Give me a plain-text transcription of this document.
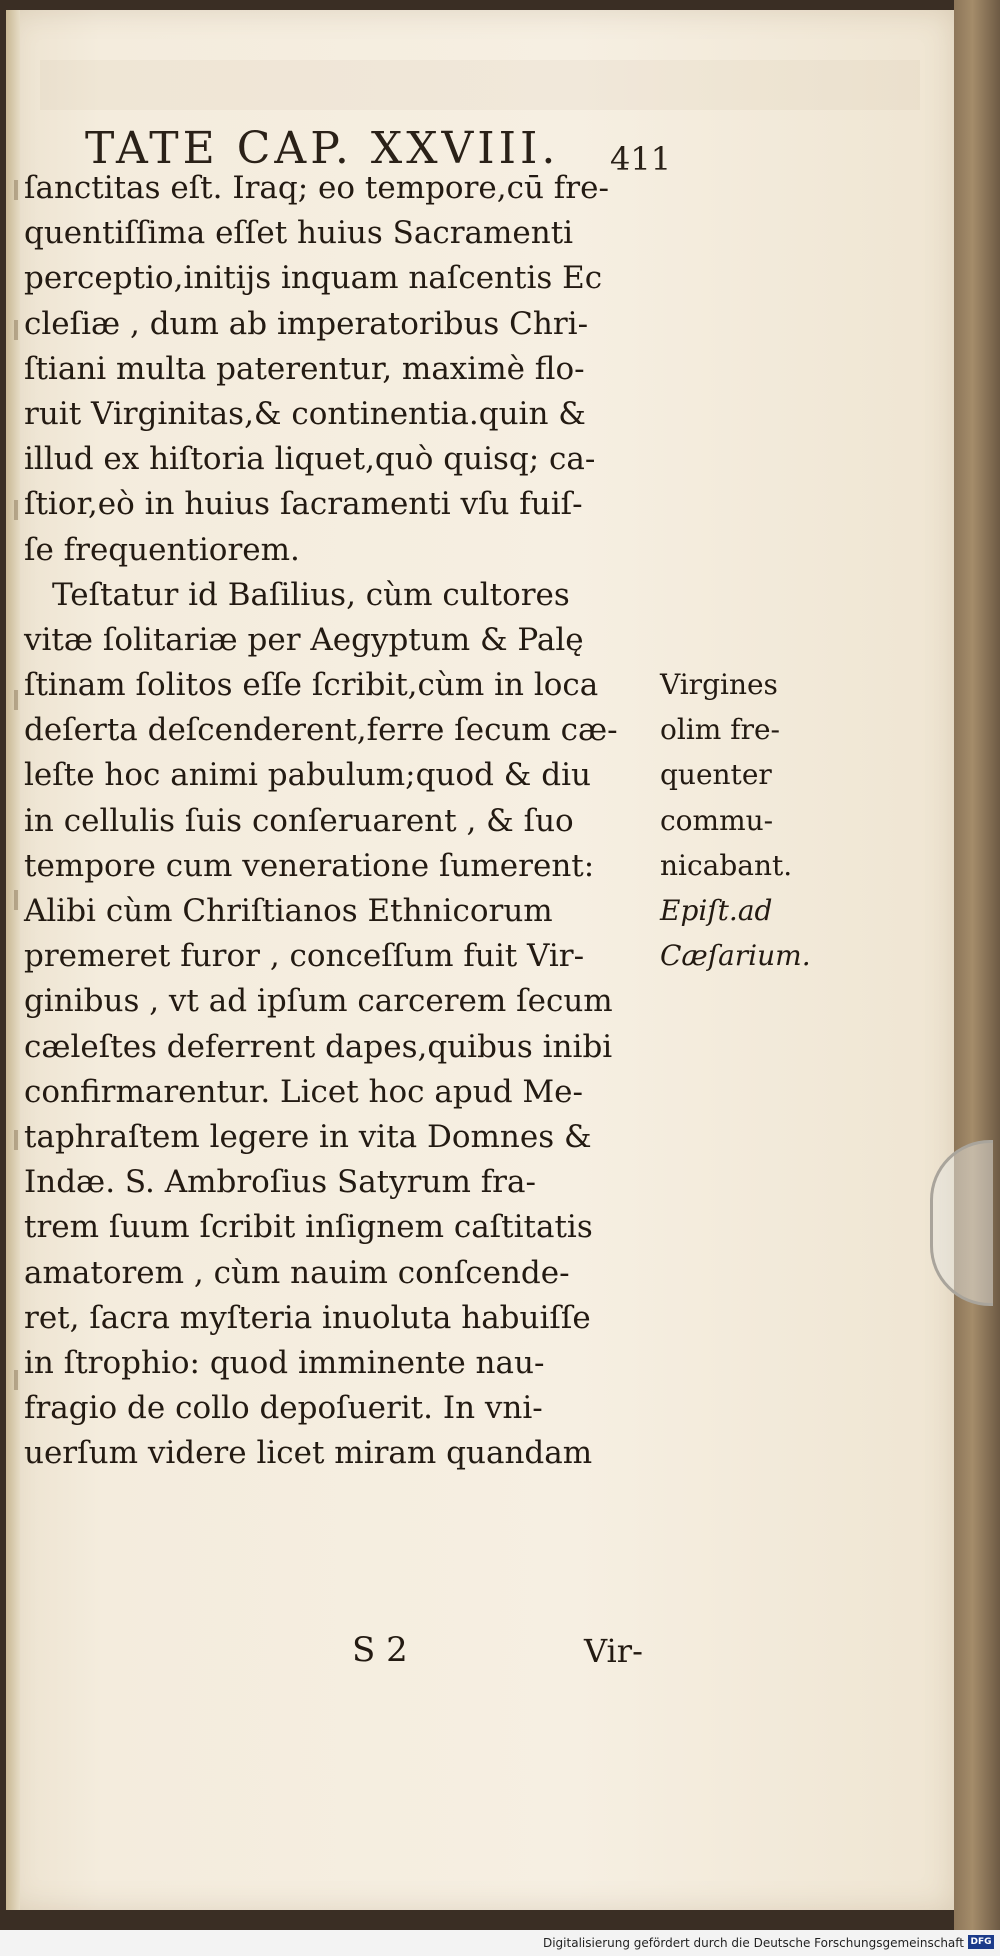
TATE CAP. XXVIII.	411
ſanctitas eſt. Iraq; eo tempore,cū fre-
quentiſſima eſſet huius Sacramenti
perceptio,initijs inquam naſcentis Ec
cleſiæ , dum ab imperatoribus Chri-
ſtiani multa paterentur, maximè flo-
ruit Virginitas,& continentia.quin &
illud ex hiſtoria liquet,quò quisq; ca-
ſtior,eò in huius ſacramenti vſu fuiſ-
ſe frequentiorem.
Teſtatur id Baſilius, cùm cultores
vitæ ſolitariæ per Aegyptum & Palę
ſtinam ſolitos eſſe ſcribit,cùm in loca
deſerta deſcenderent,ferre ſecum cæ-
leſte hoc animi pabulum;quod & diu
in cellulis ſuis conſeruarent , & ſuo
tempore cum veneratione ſumerent:
Alibi cùm Chriſtianos Ethnicorum
premeret furor , conceſſum fuit Vir-
ginibus , vt ad ipſum carcerem ſecum
cæleſtes deferrent dapes,quibus inibi
confirmarentur. Licet hoc apud Me-
taphraſtem legere in vita Domnes &
Indæ. S. Ambroſius Satyrum fra-
trem ſuum ſcribit inſignem caſtitatis
amatorem , cùm nauim conſcende-
ret, ſacra myſteria inuoluta habuiſſe
in ſtrophio: quod imminente nau-
fragio de collo depoſuerit. In vni-
uerſum videre licet miram quandam
Virgines
olim fre-
quenter
commu-
nicabant.
Epiſt.ad
Cæſarium.
S 2	Vir-
Digitalisierung gefördert durch die Deutsche Forschungsgemeinschaft DFG
